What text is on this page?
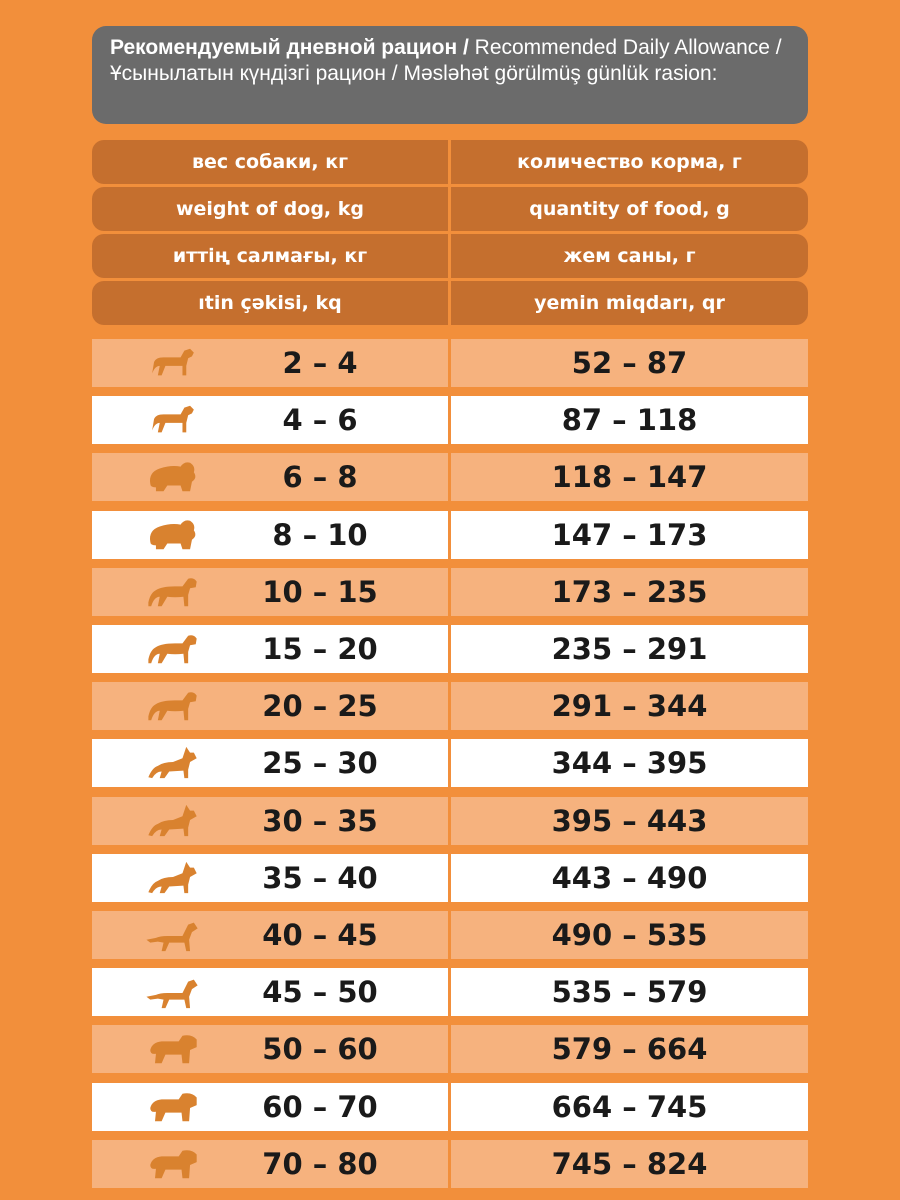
Рекомендуемый дневной рацион / Recommended Daily Allowance / Ұсынылатын күндізгі рацион / Məsləhət görülmüş günlük rasion:
вес собаки, кг	количество корма, г
weight of dog, kg	quantity of food, g
иттің салмағы, кг	жем саны, г
ıtin çəkisi, kq	yemin miqdarı, qr
2 – 4	52 – 87
4 – 6	87 – 118
6 – 8	118 – 147
8 – 10	147 – 173
10 – 15	173 – 235
15 – 20	235 – 291
20 – 25	291 – 344
25 – 30	344 – 395
30 – 35	395 – 443
35 – 40	443 – 490
40 – 45	490 – 535
45 – 50	535 – 579
50 – 60	579 – 664
60 – 70	664 – 745
70 – 80	745 – 824
